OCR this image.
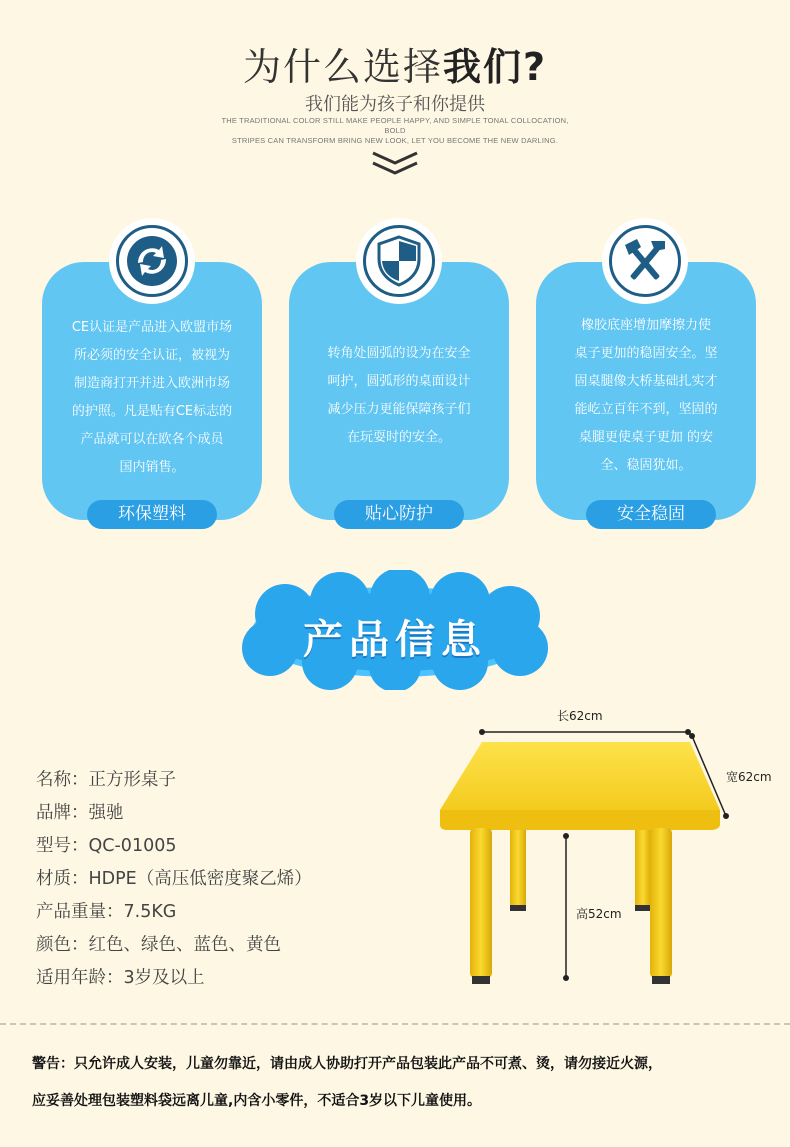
为什么选择我们?
我们能为孩子和你提供
THE TRADITIONAL COLOR STILL MAKE PEOPLE HAPPY, AND SIMPLE TONAL COLLOCATION, BOLD
STRIPES CAN TRANSFORM BRING NEW LOOK, LET YOU BECOME THE NEW DARLING.
CE认证是产品进入欧盟市场
所必须的安全认证，被视为
制造商打开并进入欧洲市场
的护照。凡是贴有CE标志的
产品就可以在欧各个成员
国内销售。
环保塑料
转角处圆弧的设为在安全
呵护，圆弧形的桌面设计
减少压力更能保障孩子们
在玩耍时的安全。
贴心防护
橡胶底座增加摩擦力使
桌子更加的稳固安全。坚
固桌腿像大桥基础扎实才
能屹立百年不到，坚固的
桌腿更使桌子更加 的安
全、稳固犹如。
安全稳固
产品信息
名称：正方形桌子
品牌：强驰
型号：QC-01005
材质：HDPE（高压低密度聚乙烯）
产品重量：7.5KG
颜色：红色、绿色、蓝色、黄色
适用年龄：3岁及以上
长62cm
宽62cm
高52cm
警告：只允许成人安装，儿童勿靠近，请由成人协助打开产品包装此产品不可煮、烫，请勿接近火源，
应妥善处理包装塑料袋远离儿童,内含小零件，不适合3岁以下儿童使用。
